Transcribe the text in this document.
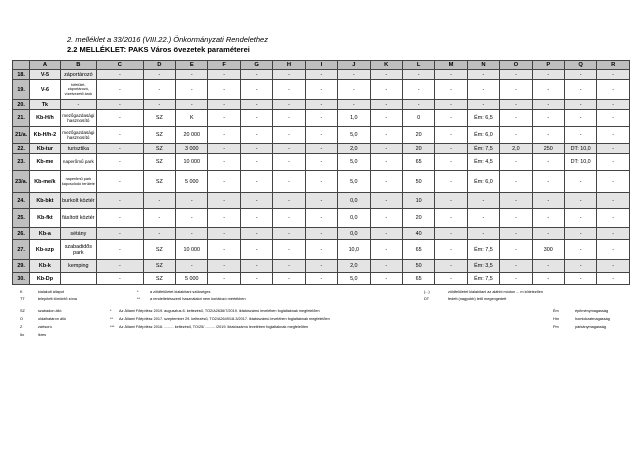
2. melléklet a 33/2016 (VIII.22.) Önkormányzati Rendelethez
2.2 MELLÉKLET: PAKS Város övezetek paraméterei
	A	B	C	D	E	F	G	H	I	J	K	L	M	N	O	P	Q	R
18.	V-5	záportározó	-	-	-	-	-	-	-	-	-	-	-	-	-	-	-	-
19.	V-6	tófelület, záportározó, vízelvezető árok	-	-	-	-	-	-	-	-	-	-	-	-	-	-	-	-
20.	Tk	-	-	-	-	-	-	-	-	-	-	-	-	-	-	-	-	-
21.	Kb-H/h	mezőgazdasági hasznosító	-	SZ	K	-	-	-	-	1,0	-	0	-	Ém: 6,5	-	-	-	-
21/a.	Kb-H/h-2	mezőgazdasági hasznosító	-	SZ	20 000	-	-	-	-	5,0	-	20	-	Ém: 6,0	-	-	-	-
22.	Kb-tur	turisztika	-	SZ	3 000	-	-	-	-	2,0	-	20	-	Ém: 7,5	2,0	250	DT: 10,0	-
23.	Kb-me	naperőmű park	-	SZ	10 000	-	-	-	-	5,0	-	65	-	Ém: 4,5	-	-	DT: 10,0	-
23/a.	Kb-me/k	naperőmű park kapcsolódó területe	-	SZ	5 000	-	-	-	-	5,0	-	50	-	Ém: 6,0	-	-	-	-
24.	Kb-bkt	burkolt köztér	-	-	-	-	-	-	-	0,0	-	10	-	-	-	-	-	-
25.	Kb-fkt	fásított köztér	-	-	-	-	-	-	-	0,0	-	20	-	-	-	-	-	-
26.	Kb-a	sétány	-	-	-	-	-	-	-	0,0	-	40	-	-	-	-	-	-
27.	Kb-szp	szabadidős park	-	SZ	10 000	-	-	-	-	10,0	-	65	-	Ém: 7,5	-	300	-	-
29.	Kb-k	kemping	-	SZ	-	-	-	-	-	2,0	-	50	-	Ém: 3,5	-	-	-	-
30.	Kb-Dp		-	SZ	5 000	-	-	-	-	5,0	-	65	-	Ém: 7,5	-	-	-	-
K	kialakult állapot	*	a zöldfelületet kialakítani szükséges	(...)	zöldfelületet kialakítani az alábbi módon ... m kötelezően
TT	telepített tömörítő zóna	**	a rendeltetésszerű használatot nem korlátozó mértékben	DT	fedett (nagyobb) tető megengedett
SZ	szabadon álló	* Az Állami Főépítész 2019. augusztus 8. keltezésű, TO2/A2636/7/2019. iktatószámú levelében foglaltaknak megfelelően	Ém	építménymagasság
O	oldalhatáron álló	** Az Állami Főépítész 2017. szeptember 29. keltezésű, TO2/A2649/18-3/2017. iktatószámú levelében foglaltaknak megfelelően	Hm	homlokzatmagasság
Z	zártsorú	*** Az Állami Főépítész 2016. ......... keltezésű, TO/25/ ......... /2019. iktatószámú levelében foglaltaknak megfelelően	Pm	párkánymagasság
Ikr	ikres
